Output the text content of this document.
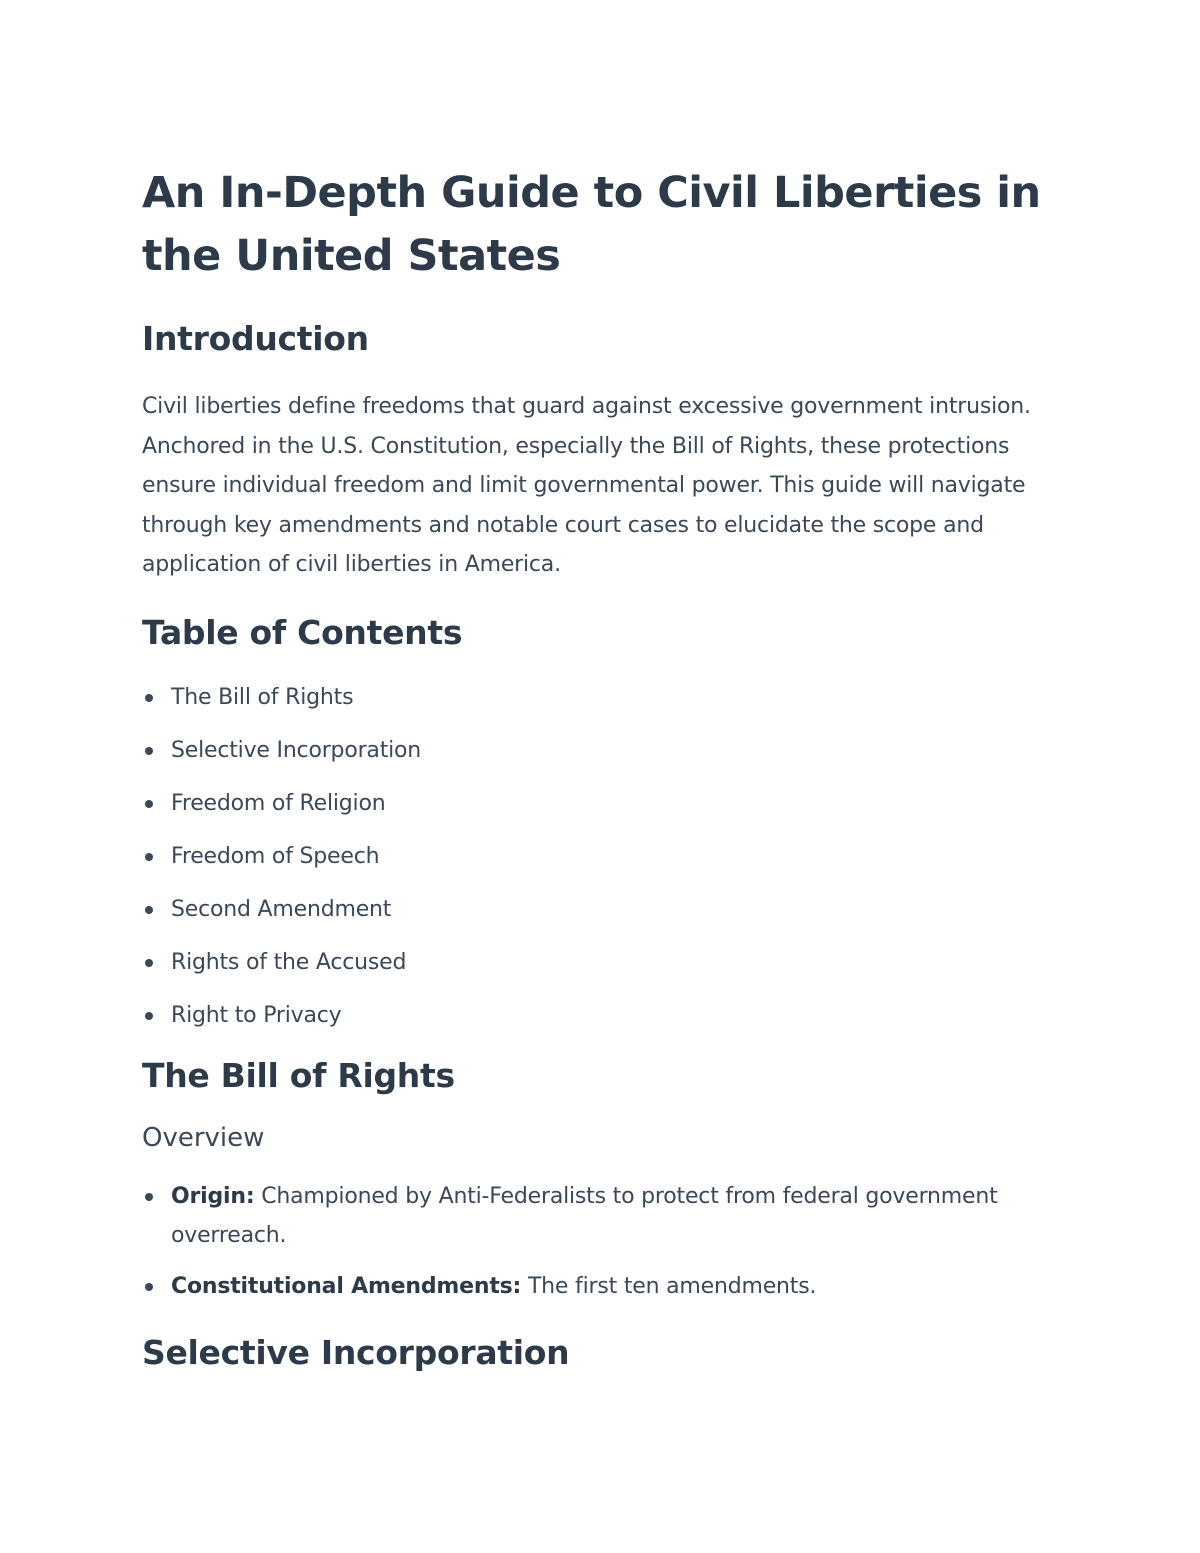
An In-Depth Guide to Civil Liberties in the United States
Introduction

Civil liberties define freedoms that guard against excessive government intrusion. Anchored in the U.S. Constitution, especially the Bill of Rights, these protections ensure individual freedom and limit governmental power. This guide will navigate through key amendments and notable court cases to elucidate the scope and application of civil liberties in America.

Table of Contents
The Bill of Rights
Selective Incorporation
Freedom of Religion
Freedom of Speech
Second Amendment
Rights of the Accused
Right to Privacy
The Bill of Rights
Overview
Origin: Championed by Anti-Federalists to protect from federal government overreach.
Constitutional Amendments: The first ten amendments.
Selective Incorporation
